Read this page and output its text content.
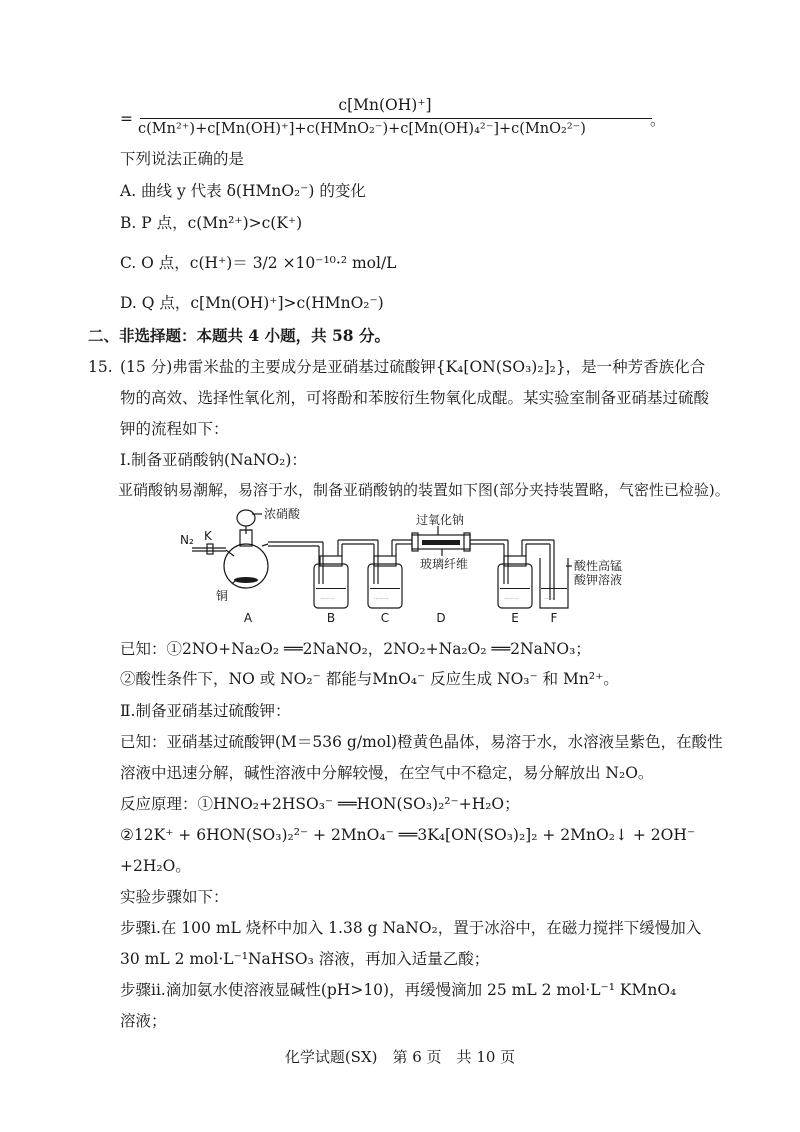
=
c[Mn(OH)⁺]
c(Mn²⁺)+c[Mn(OH)⁺]+c(HMnO₂⁻)+c[Mn(OH)₄²⁻]+c(MnO₂²⁻)	。
下列说法正确的是
A. 曲线 y 代表 δ(HMnO₂⁻) 的变化
B. P 点，c(Mn²⁺)>c(K⁺)
C. O 点，c(H⁺)＝ 3/2 ×10⁻¹⁰·² mol/L
D. Q 点，c[Mn(OH)⁺]>c(HMnO₂⁻)
二、非选择题：本题共 4 小题，共 58 分。
15. (15 分)弗雷米盐的主要成分是亚硝基过硫酸钾{K₄[ON(SO₃)₂]₂}，是一种芳香族化合
物的高效、选择性氧化剂，可将酚和苯胺衍生物氧化成醌。某实验室制备亚硝基过硫酸
钾的流程如下：
Ⅰ.制备亚硝酸钠(NaNO₂)：
亚硝酸钠易潮解，易溶于水，制备亚硝酸钠的装置如下图(部分夹持装置略，气密性已检验)。
⋯⋯⋯	⋯⋯⋯	⋯⋯⋯	⋯⋯
N₂ K
浓硝酸
铜
过氧化钠
玻璃纤维	酸性高锰
酸钾溶液
A	B	C	D	E	F
已知：①2NO+Na₂O₂ ══2NaNO₂，2NO₂+Na₂O₂ ══2NaNO₃；
②酸性条件下，NO 或 NO₂⁻ 都能与MnO₄⁻ 反应生成 NO₃⁻ 和 Mn²⁺。
Ⅱ.制备亚硝基过硫酸钾：
已知：亚硝基过硫酸钾(M＝536 g/mol)橙黄色晶体，易溶于水，水溶液呈紫色，在酸性
溶液中迅速分解，碱性溶液中分解较慢，在空气中不稳定，易分解放出 N₂O。
反应原理：①HNO₂+2HSO₃⁻ ══HON(SO₃)₂²⁻+H₂O；
②12K⁺ + 6HON(SO₃)₂²⁻ + 2MnO₄⁻ ══3K₄[ON(SO₃)₂]₂ + 2MnO₂↓ + 2OH⁻
+2H₂O。
实验步骤如下：
步骤ⅰ.在 100 mL 烧杯中加入 1.38 g NaNO₂，置于冰浴中，在磁力搅拌下缓慢加入
30 mL 2 mol·L⁻¹NaHSO₃ 溶液，再加入适量乙酸；
步骤ⅱ.滴加氨水使溶液显碱性(pH>10)，再缓慢滴加 25 mL 2 mol·L⁻¹ KMnO₄
溶液；
化学试题(SX)　第 6 页　共 10 页
